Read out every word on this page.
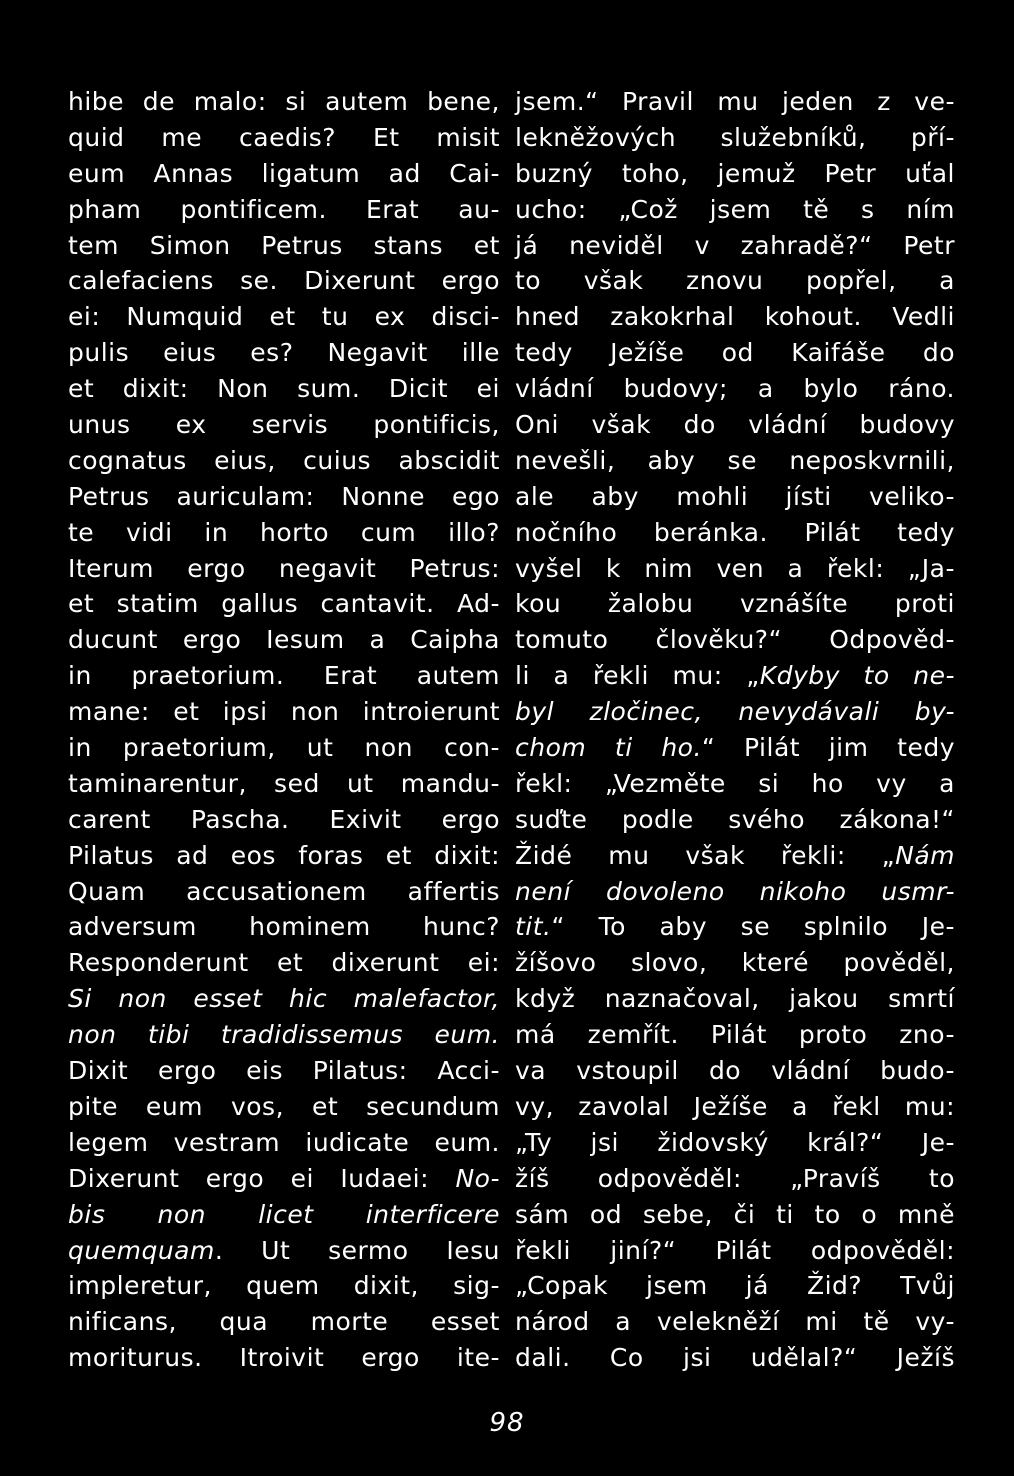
hibe de malo: si autem bene,
quid me caedis? Et misit
eum Annas ligatum ad Cai-
pham pontificem. Erat au-
tem Simon Petrus stans et
calefaciens se. Dixerunt ergo
ei: Numquid et tu ex disci-
pulis eius es? Negavit ille
et dixit: Non sum. Dicit ei
unus ex servis pontificis,
cognatus eius, cuius abscidit
Petrus auriculam: Nonne ego
te vidi in horto cum illo?
Iterum ergo negavit Petrus:
et statim gallus cantavit. Ad-
ducunt ergo Iesum a Caipha
in praetorium. Erat autem
mane: et ipsi non introierunt
in praetorium, ut non con-
taminarentur, sed ut mandu-
carent Pascha. Exivit ergo
Pilatus ad eos foras et dixit:
Quam accusationem affertis
adversum hominem hunc?
Responderunt et dixerunt ei:
Si non esset hic malefactor,
non tibi tradidissemus eum.
Dixit ergo eis Pilatus: Acci-
pite eum vos, et secundum
legem vestram iudicate eum.
Dixerunt ergo ei Iudaei: No-
bis non licet interficere
quemquam. Ut sermo Iesu
impleretur, quem dixit, sig-
nificans, qua morte esset
moriturus. Itroivit ergo ite-
jsem.“ Pravil mu jeden z ve-
lekněžových služebníků, pří-
buzný toho, jemuž Petr uťal
ucho: „Což jsem tě s ním
já neviděl v zahradě?“ Petr
to však znovu popřel, a
hned zakokrhal kohout. Vedli
tedy Ježíše od Kaifáše do
vládní budovy; a bylo ráno.
Oni však do vládní budovy
nevešli, aby se neposkvrnili,
ale aby mohli jísti veliko-
nočního beránka. Pilát tedy
vyšel k nim ven a řekl: „Ja-
kou žalobu vznášíte proti
tomuto člověku?“ Odpověd-
li a řekli mu: „Kdyby to ne-
byl zločinec, nevydávali by-
chom ti ho.“ Pilát jim tedy
řekl: „Vezměte si ho vy a
suďte podle svého zákona!“
Židé mu však řekli: „Nám
není dovoleno nikoho usmr-
tit.“ To aby se splnilo Je-
žíšovo slovo, které pověděl,
když naznačoval, jakou smrtí
má zemřít. Pilát proto zno-
va vstoupil do vládní budo-
vy, zavolal Ježíše a řekl mu:
„Ty jsi židovský král?“ Je-
žíš odpověděl: „Pravíš to
sám od sebe, či ti to o mně
řekli jiní?“ Pilát odpověděl:
„Copak jsem já Žid? Tvůj
národ a velekněží mi tě vy-
dali. Co jsi udělal?“ Ježíš
98
